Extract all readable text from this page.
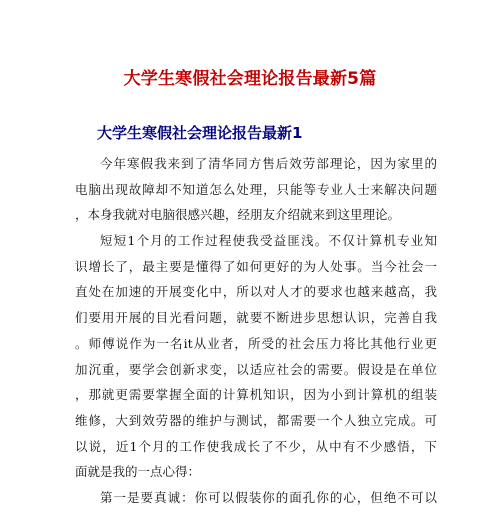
大学生寒假社会理论报告最新5篇
大学生寒假社会理论报告最新1
今年寒假我来到了清华同方售后效劳部理论，因为家里的
电脑出现故障却不知道怎么处理，只能等专业人士来解决问题
，本身我就对电脑很感兴趣，经朋友介绍就来到这里理论。
短短1个月的工作过程使我受益匪浅。不仅计算机专业知
识增长了，最主要是懂得了如何更好的为人处事。当今社会一
直处在加速的开展变化中，所以对人才的要求也越来越高，我
们要用开展的目光看问题，就要不断进步思想认识，完善自我
。师傅说作为一名it从业者，所受的社会压力将比其他行业更
加沉重，要学会创新求变，以适应社会的需要。假设是在单位
，那就更需要掌握全面的计算机知识，因为小到计算机的组装
维修，大到效劳器的维护与测试，都需要一个人独立完成。可
以说，近1个月的工作使我成长了不少，从中有不少感悟，下
面就是我的一点心得：
第一是要真诚：你可以假装你的面孔你的心，但绝不可以
